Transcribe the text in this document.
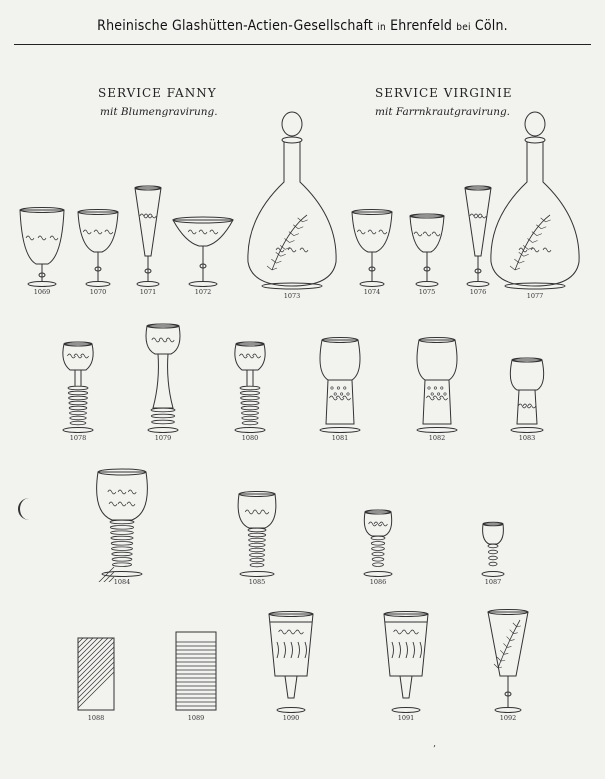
Rheinische Glashütten-Actien-Gesellschaft in Ehrenfeld bei Cöln.
SERVICE FANNY
mit Blumengravirung.
SERVICE VIRGINIE
mit Farrnkrautgravirung.
1069	1070	1071	1072	1073	1074	1075	1076	1077
1078	1079	1080	1081	1082	1083
1084	1085	1086	1087
1088	1089	1090	1091	1092
’
